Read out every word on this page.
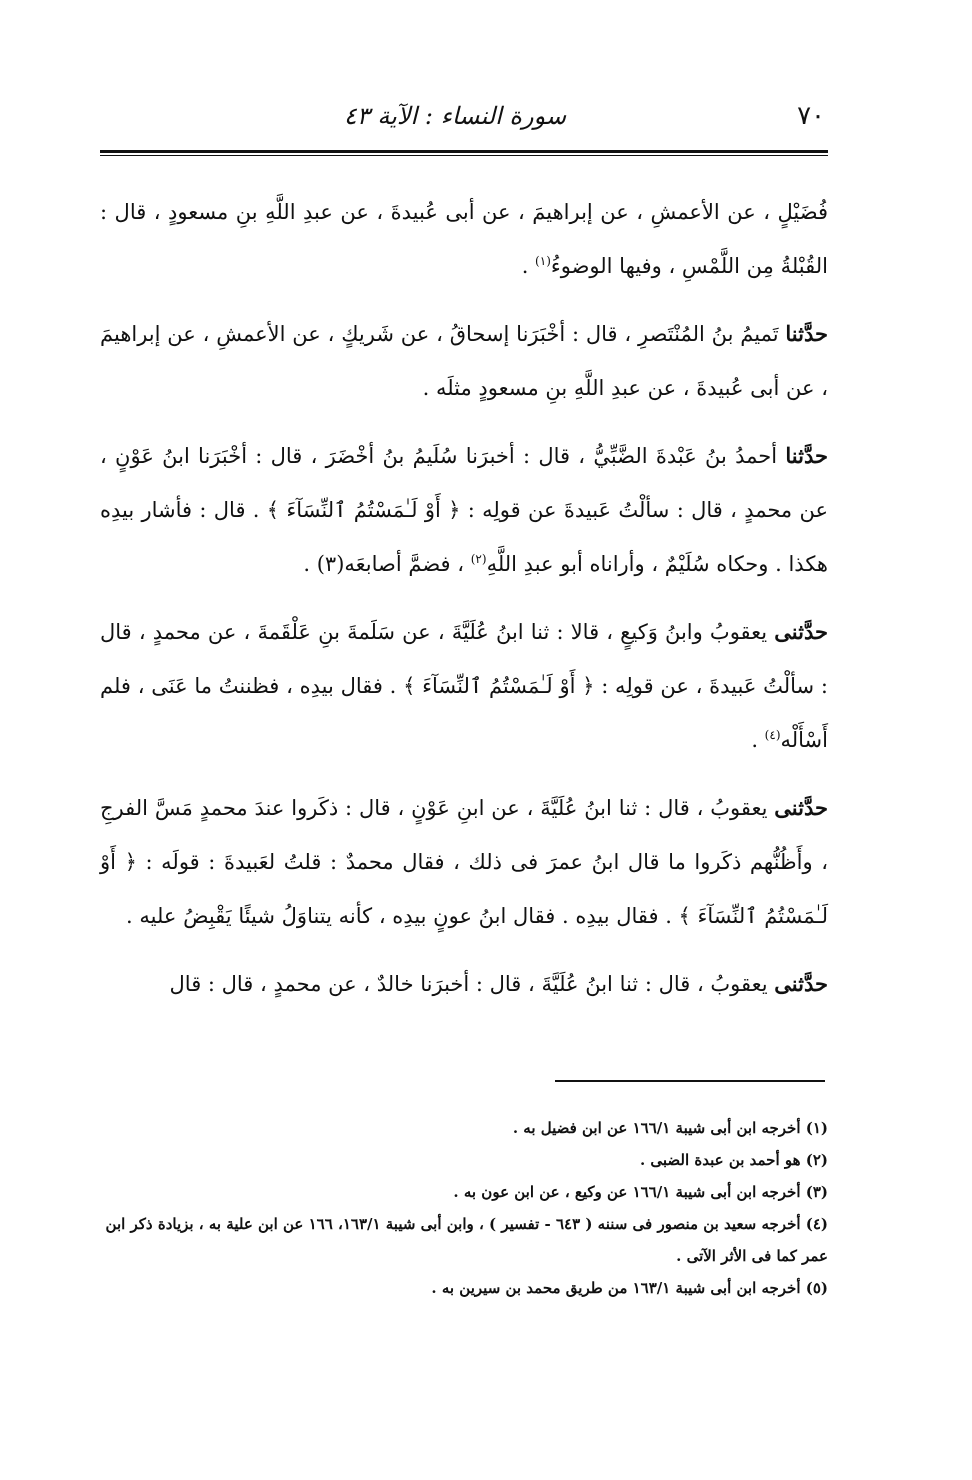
٧٠
سورة النساء : الآية ٤٣

فُضَيْلٍ ، عن الأعمشِ ، عن إبراهيمَ ، عن أبى عُبيدةَ ، عن عبدِ اللَّهِ بنِ مسعودٍ ، قال : القُبْلةُ مِن اللَّمْسِ ، وفيها الوضوءُ$^{(١)}$ .

حدَّثنا تَميمُ بنُ المُنْتَصرِ ، قال : أخْبَرَنا إسحاقُ ، عن شَريكٍ ، عن الأعمشِ ، عن إبراهيمَ ، عن أبى عُبيدةَ ، عن عبدِ اللَّهِ بنِ مسعودٍ مثلَه .

حدَّثنا أحمدُ بنُ عَبْدةَ الضَّبِّيُّ ، قال : أخبرَنا سُلَيمُ بنُ أخْضَرَ ، قال : أخْبَرَنا ابنُ عَوْنٍ ، عن محمدٍ ، قال : سألْتُ عَبيدةَ عن قولِه : ﴿ أَوْ لَـٰمَسْتُمُ ٱلنِّسَآءَ ﴾ . قال : فأشار بيدِه هكذا . وحكاه سُلَيْمٌ ، وأراناه أبو عبدِ اللَّهِ$^{(٢)}$ ، فضمَّ أصابعَه(٣) .

حدَّثنى يعقوبُ وابنُ وَكيعٍ ، قالا : ثنا ابنُ عُلَيَّةَ ، عن سَلَمةَ بنِ عَلْقَمةَ ، عن محمدٍ ، قال : سألْتُ عَبيدةَ ، عن قولِه : ﴿ أَوْ لَـٰمَسْتُمُ ٱلنِّسَآءَ ﴾ . فقال بيدِه ، فظننتُ ما عَنَى ، فلم أَسْأَلْه$^{(٤)}$ .

حدَّثنى يعقوبُ ، قال : ثنا ابنُ عُلَيَّةَ ، عن ابنِ عَوْنٍ ، قال : ذكَروا عندَ محمدٍ مَسَّ الفرجِ ، وأَظُنُّهم ذكَروا ما قال ابنُ عمرَ فى ذلك ، فقال محمدٌ : قلتُ لعَبيدةَ : قولَه : ﴿ أَوْ لَـٰمَسْتُمُ ٱلنِّسَآءَ ﴾ . فقال بيدِه . فقال ابنُ عونٍ بيدِه ، كأنه يتناوَلُ شيئًا يَقْبِضُ عليه .

حدَّثنى يعقوبُ ، قال : ثنا ابنُ عُلَيَّةَ ، قال : أخبرَنا خالدٌ ، عن محمدٍ ، قال : قال

(١) أخرجه ابن أبى شيبة ١٦٦/١ عن ابن فضيل به .

(٢) هو أحمد بن عبدة الضبى .

(٣) أخرجه ابن أبى شيبة ١٦٦/١ عن وكيع ، عن ابن عون به .

(٤) أخرجه سعيد بن منصور فى سننه ( ٦٤٣ - تفسير ) ، وابن أبى شيبة ١٦٣/١، ١٦٦ عن ابن علية به ، بزيادة ذكر ابن عمر كما فى الأثر الآتى .

(٥) أخرجه ابن أبى شيبة ١٦٣/١ من طريق محمد بن سيرين به .
